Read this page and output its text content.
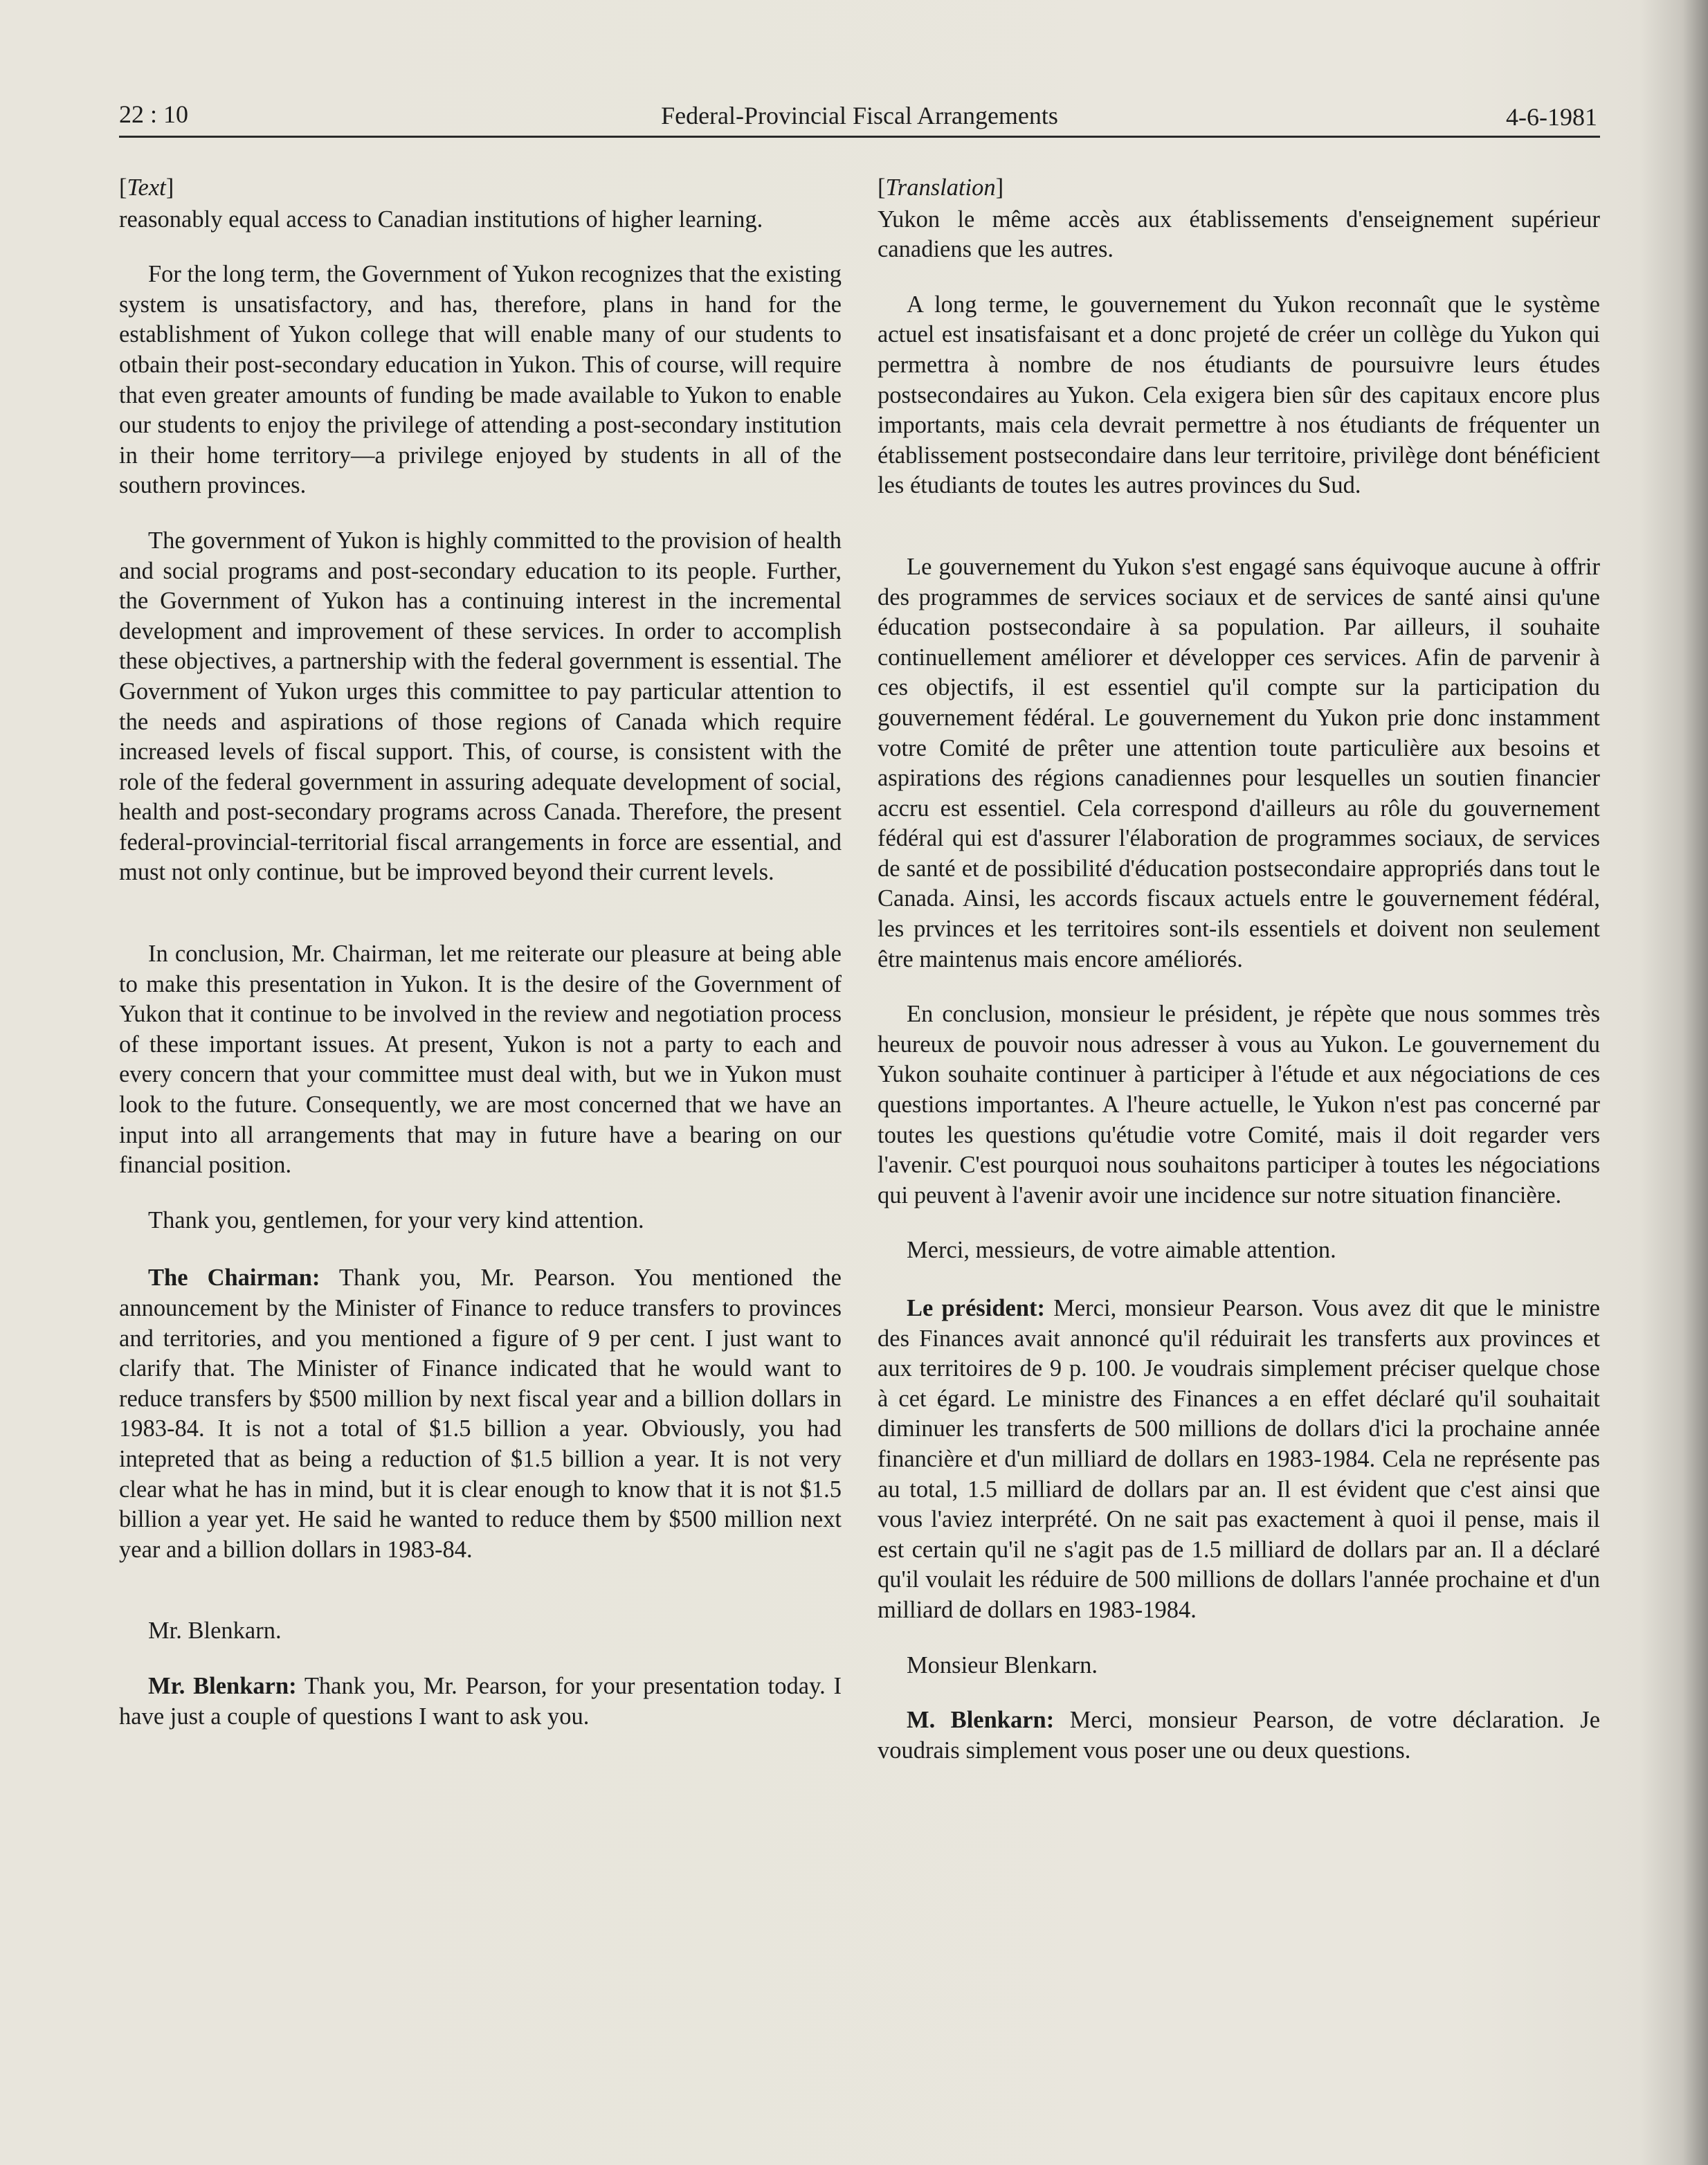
22 : 10	Federal-Provincial Fiscal Arrangements	4-6-1981

[Text]

reasonably equal access to Canadian institutions of higher learning.

For the long term, the Government of Yukon recognizes that the existing system is unsatisfactory, and has, therefore, plans in hand for the establishment of Yukon college that will enable many of our students to otbain their post-secondary education in Yukon. This of course, will require that even greater amounts of funding be made available to Yukon to enable our students to enjoy the privilege of attending a post-secondary institution in their home territory—a privilege enjoyed by students in all of the southern provinces.

The government of Yukon is highly committed to the provision of health and social programs and post-secondary education to its people. Further, the Government of Yukon has a continuing interest in the incremental development and improvement of these services. In order to accomplish these objectives, a partnership with the federal government is essential. The Government of Yukon urges this committee to pay particular attention to the needs and aspirations of those regions of Canada which require increased levels of fiscal support. This, of course, is consistent with the role of the federal government in assuring adequate development of social, health and post-secondary programs across Canada. Therefore, the present federal-provincial-territorial fiscal arrangements in force are essential, and must not only continue, but be improved beyond their current levels.

In conclusion, Mr. Chairman, let me reiterate our pleasure at being able to make this presentation in Yukon. It is the desire of the Government of Yukon that it continue to be involved in the review and negotiation process of these important issues. At present, Yukon is not a party to each and every concern that your committee must deal with, but we in Yukon must look to the future. Consequently, we are most concerned that we have an input into all arrangements that may in future have a bearing on our financial position.

Thank you, gentlemen, for your very kind attention.

The Chairman: Thank you, Mr. Pearson. You mentioned the announcement by the Minister of Finance to reduce transfers to provinces and territories, and you mentioned a figure of 9 per cent. I just want to clarify that. The Minister of Finance indicated that he would want to reduce transfers by $500 million by next fiscal year and a billion dollars in 1983-84. It is not a total of $1.5 billion a year. Obviously, you had intepreted that as being a reduction of $1.5 billion a year. It is not very clear what he has in mind, but it is clear enough to know that it is not $1.5 billion a year yet. He said he wanted to reduce them by $500 million next year and a billion dollars in 1983-84.

Mr. Blenkarn.

Mr. Blenkarn: Thank you, Mr. Pearson, for your presentation today. I have just a couple of questions I want to ask you.

[Translation]

Yukon le même accès aux établissements d'enseignement supérieur canadiens que les autres.

A long terme, le gouvernement du Yukon reconnaît que le système actuel est insatisfaisant et a donc projeté de créer un collège du Yukon qui permettra à nombre de nos étudiants de poursuivre leurs études postsecondaires au Yukon. Cela exigera bien sûr des capitaux encore plus importants, mais cela devrait permettre à nos étudiants de fréquenter un établissement postsecondaire dans leur territoire, privilège dont bénéficient les étudiants de toutes les autres provinces du Sud.

Le gouvernement du Yukon s'est engagé sans équivoque aucune à offrir des programmes de services sociaux et de services de santé ainsi qu'une éducation postsecondaire à sa population. Par ailleurs, il souhaite continuellement améliorer et développer ces services. Afin de parvenir à ces objectifs, il est essentiel qu'il compte sur la participation du gouvernement fédéral. Le gouvernement du Yukon prie donc instamment votre Comité de prêter une attention toute particulière aux besoins et aspirations des régions canadiennes pour lesquelles un soutien financier accru est essentiel. Cela correspond d'ailleurs au rôle du gouvernement fédéral qui est d'assurer l'élaboration de programmes sociaux, de services de santé et de possibilité d'éducation postsecondaire appropriés dans tout le Canada. Ainsi, les accords fiscaux actuels entre le gouvernement fédéral, les prvinces et les territoires sont-ils essentiels et doivent non seulement être maintenus mais encore améliorés.

En conclusion, monsieur le président, je répète que nous sommes très heureux de pouvoir nous adresser à vous au Yukon. Le gouvernement du Yukon souhaite continuer à participer à l'étude et aux négociations de ces questions importantes. A l'heure actuelle, le Yukon n'est pas concerné par toutes les questions qu'étudie votre Comité, mais il doit regarder vers l'avenir. C'est pourquoi nous souhaitons participer à toutes les négociations qui peuvent à l'avenir avoir une incidence sur notre situation financière.

Merci, messieurs, de votre aimable attention.

Le président: Merci, monsieur Pearson. Vous avez dit que le ministre des Finances avait annoncé qu'il réduirait les transferts aux provinces et aux territoires de 9 p. 100. Je voudrais simplement préciser quelque chose à cet égard. Le ministre des Finances a en effet déclaré qu'il souhaitait diminuer les transferts de 500 millions de dollars d'ici la prochaine année financière et d'un milliard de dollars en 1983-1984. Cela ne représente pas au total, 1.5 milliard de dollars par an. Il est évident que c'est ainsi que vous l'aviez interprété. On ne sait pas exactement à quoi il pense, mais il est certain qu'il ne s'agit pas de 1.5 milliard de dollars par an. Il a déclaré qu'il voulait les réduire de 500 millions de dollars l'année prochaine et d'un milliard de dollars en 1983-1984.

Monsieur Blenkarn.

M. Blenkarn: Merci, monsieur Pearson, de votre déclaration. Je voudrais simplement vous poser une ou deux questions.
